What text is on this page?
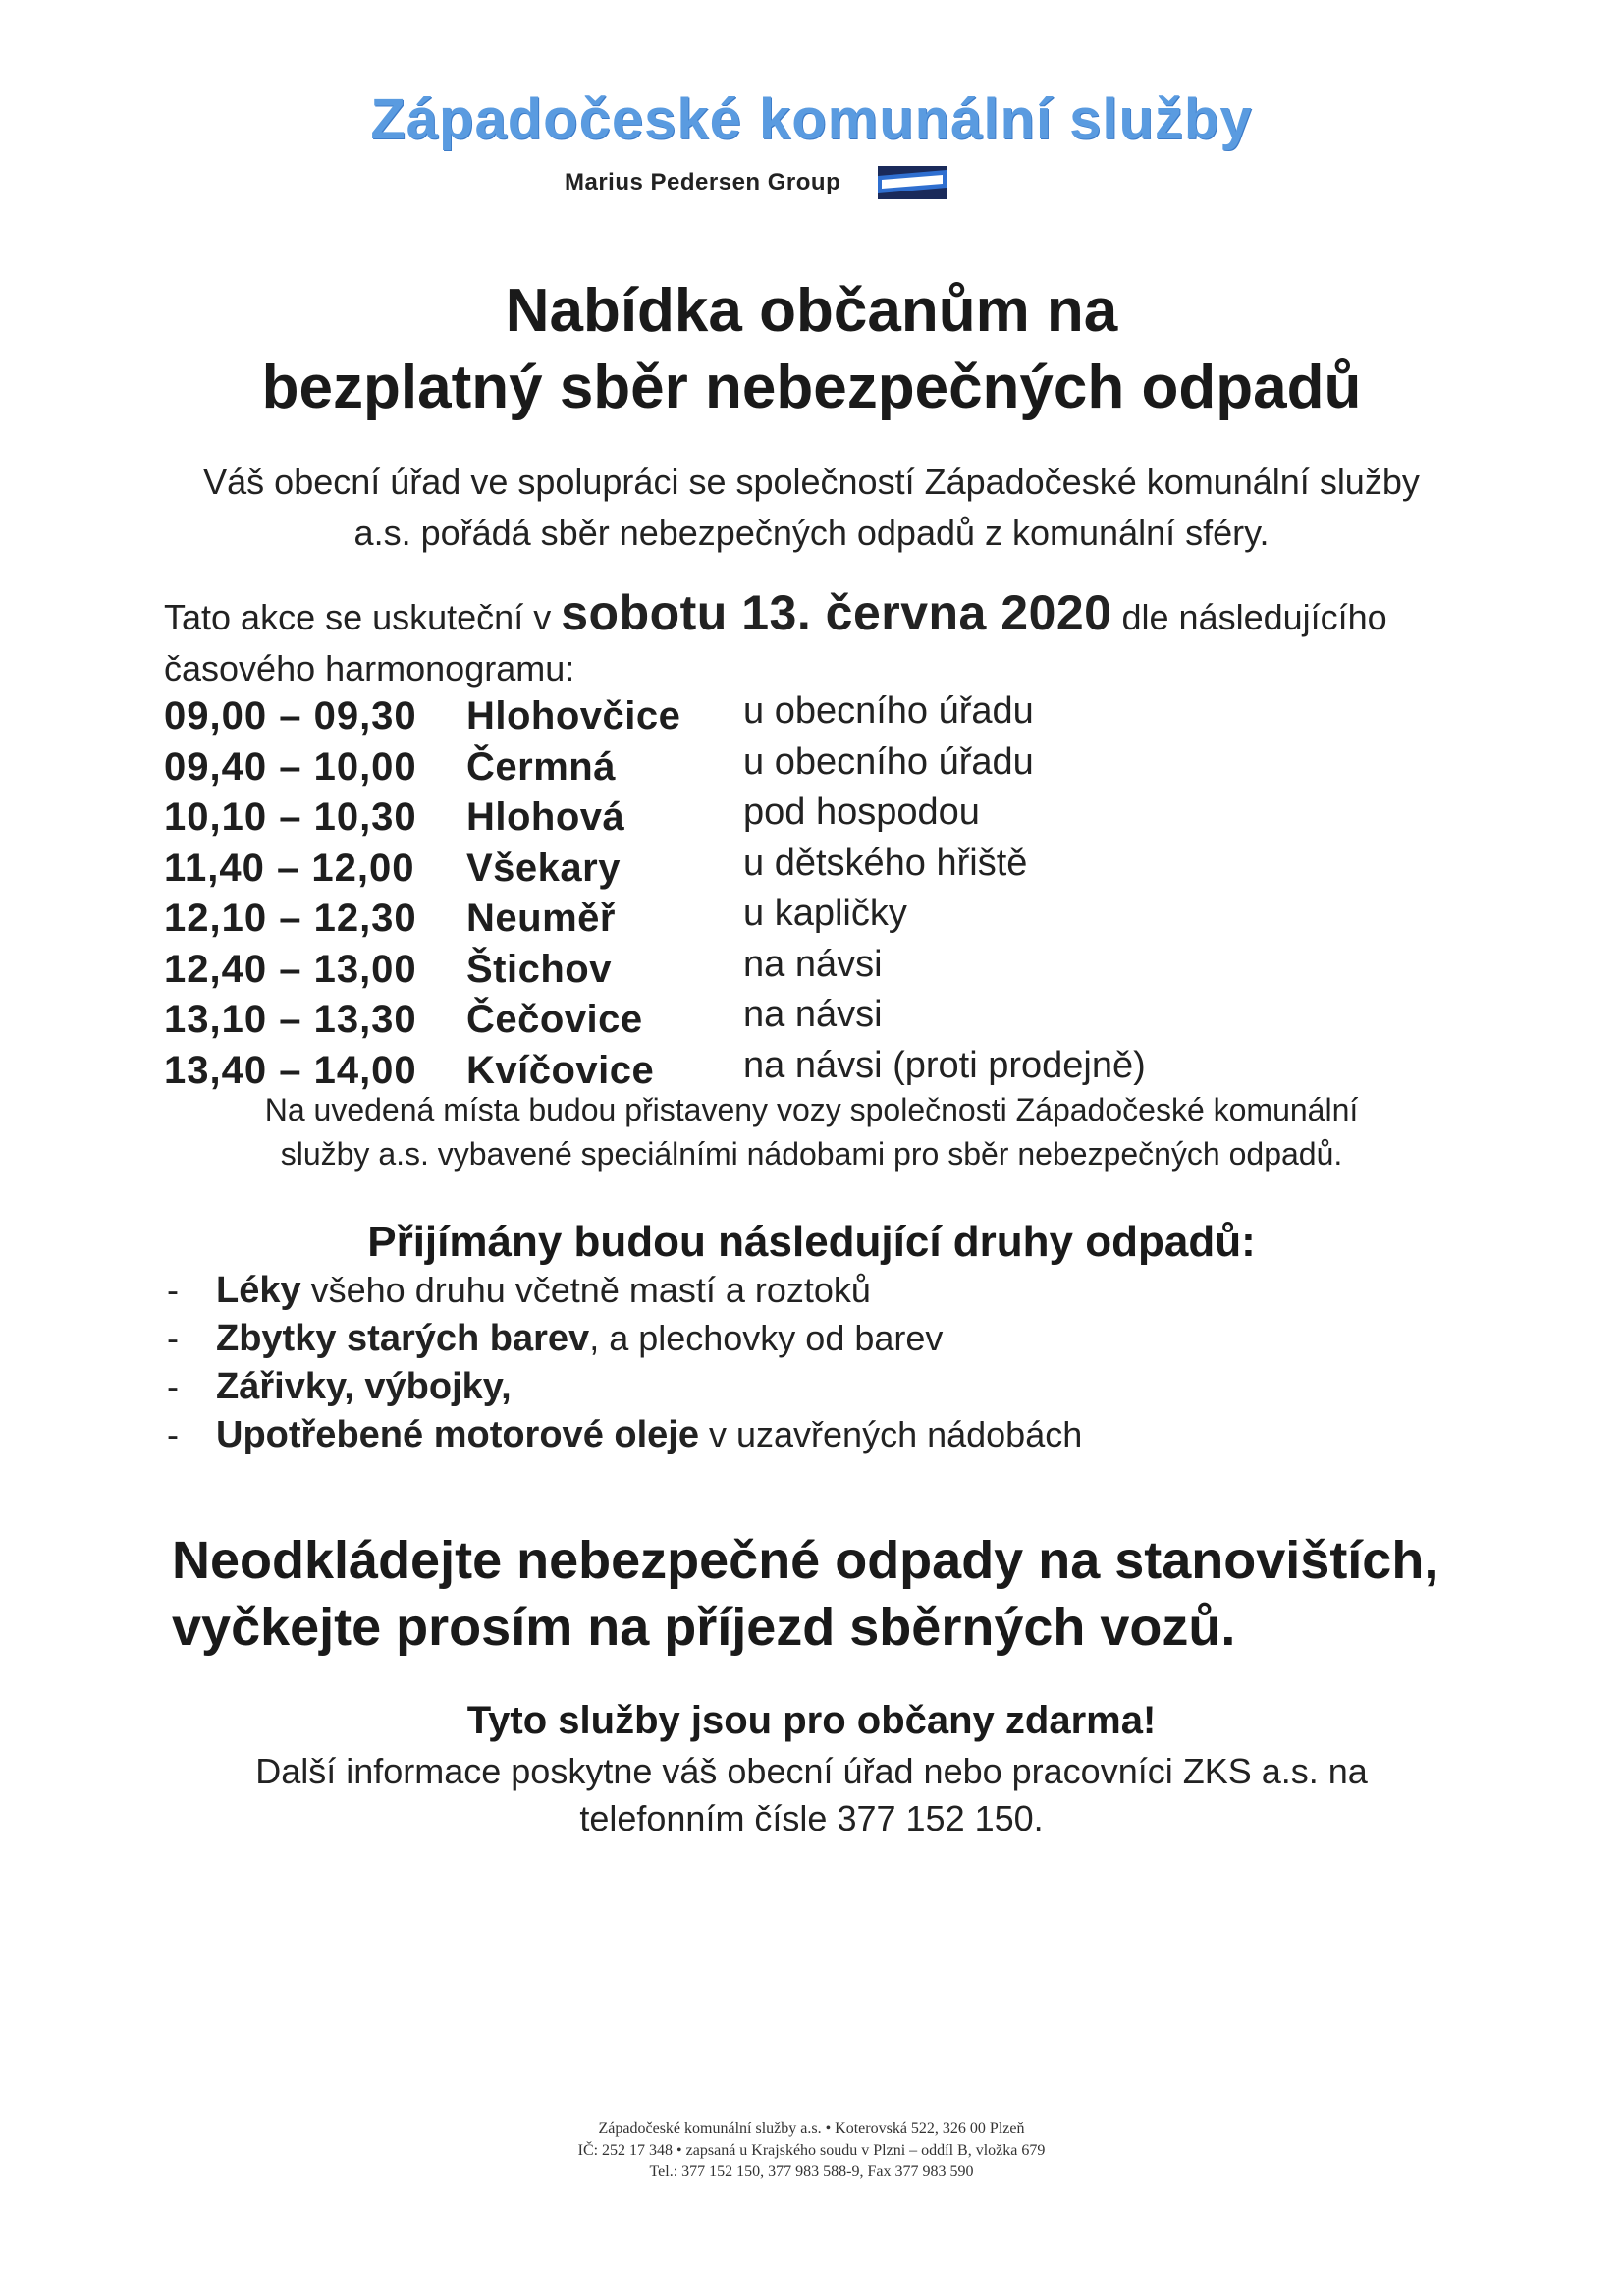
Západočeské komunální služby
Marius Pedersen Group
Nabídka občanům na
bezplatný sběr nebezpečných odpadů
Váš obecní úřad ve spolupráci se společností Západočeské komunální služby
a.s. pořádá sběr nebezpečných odpadů z komunální sféry.
Tato akce se uskuteční v sobotu 13. června 2020 dle následujícího
časového harmonogramu:
09,00 – 09,30 Hlohovčice u obecního úřadu
09,40 – 10,00 Čermná	u obecního úřadu
10,10 – 10,30 Hlohová	pod hospodou
11,40 – 12,00 Všekary	u dětského hřiště
12,10 – 12,30 Neuměř	u kapličky
12,40 – 13,00 Štichov	na návsi
13,10 – 13,30 Čečovice	na návsi
13,40 – 14,00 Kvíčovice na návsi (proti prodejně)
Na uvedená místa budou přistaveny vozy společnosti Západočeské komunální
služby a.s. vybavené speciálními nádobami pro sběr nebezpečných odpadů.
Přijímány budou následující druhy odpadů:
- Léky všeho druhu včetně mastí a roztoků
- Zbytky starých barev, a plechovky od barev
- Zářivky, výbojky,
- Upotřebené motorové oleje v uzavřených nádobách
Neodkládejte nebezpečné odpady na stanovištích,
vyčkejte prosím na příjezd sběrných vozů.
Tyto služby jsou pro občany zdarma!
Další informace poskytne váš obecní úřad nebo pracovníci ZKS a.s. na
telefonním čísle 377 152 150.
Západočeské komunální služby a.s. • Koterovská 522, 326 00 Plzeň
IČ: 252 17 348 • zapsaná u Krajského soudu v Plzni – oddíl B, vložka 679
Tel.: 377 152 150, 377 983 588-9, Fax 377 983 590
